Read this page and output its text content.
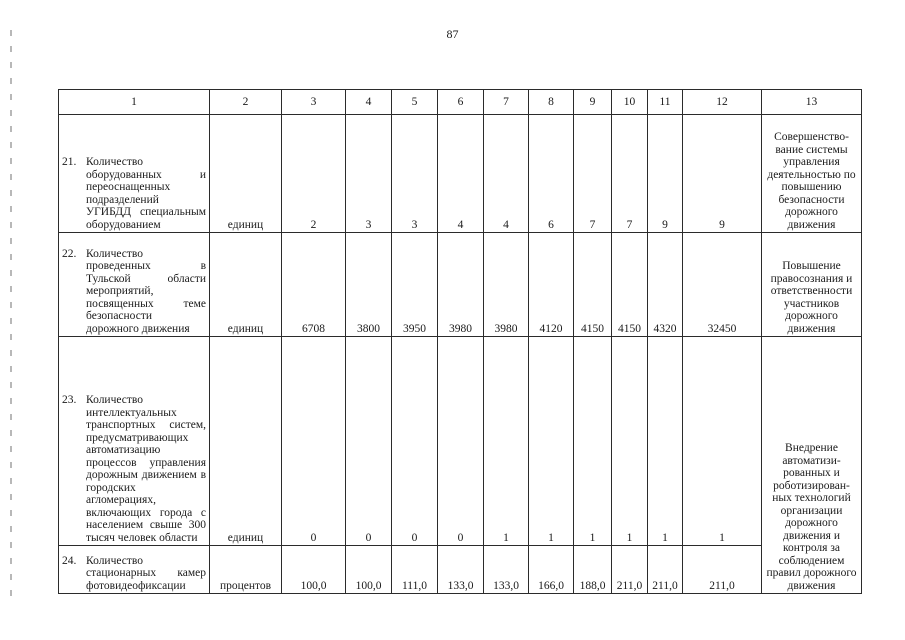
87
1	2	3	4	5	6	7	8	9	10	11	12	13

21. Количество оборудованных и переоснащенных подразделений УГИБДД специальным оборудованием	единиц	2	3	3	4	4	6	7	7	9	9	Совершенство-вание системы управления деятельностью по повышению безопасности дорожного движения

22. Количество проведенных в Тульской области мероприятий, посвященных теме безопасности дорожного движения	единиц	6708	3800	3950	3980	3980	4120	4150	4150	4320	32450	Повышение правосознания и ответственности участников дорожного движения

23. Количество интеллектуальных транспортных систем, предусматривающих автоматизацию процессов управления дорожным движением в городских агломерациях, включающих города с населением свыше 300 тысяч человек области	единиц	0	0	0	0	1	1	1	1	1	1	Внедрение автоматизи-рованных и роботизирован-ных технологий организации дорожного движения и контроля за соблюдением правил дорожного движения

24. Количество стационарных камер фотовидеофиксации	процентов	100,0	100,0	111,0	133,0	133,0	166,0	188,0	211,0	211,0	211,0	
